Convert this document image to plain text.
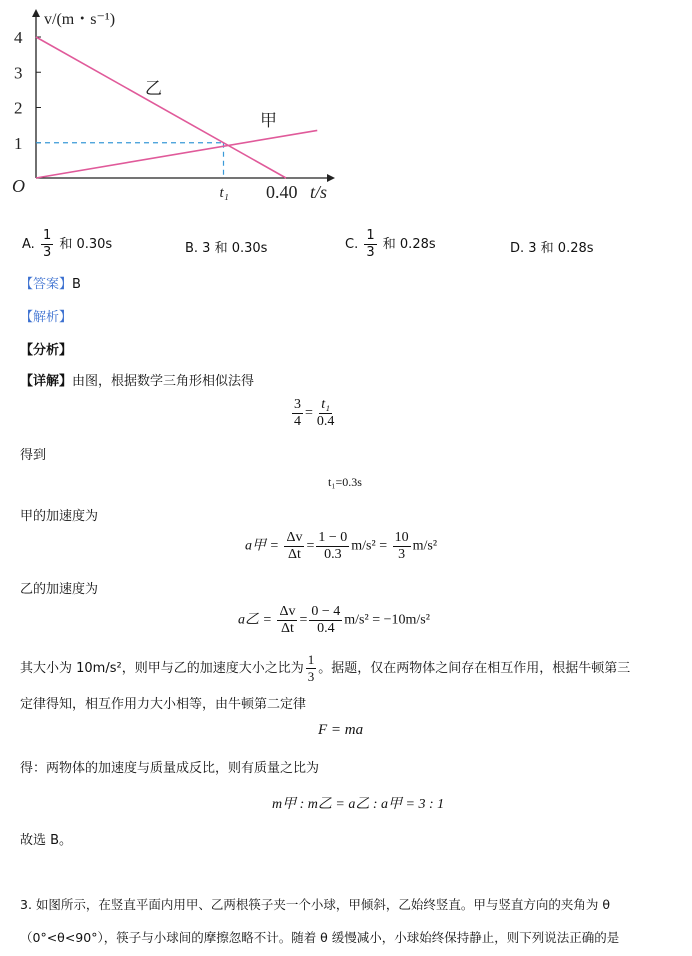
1
2
3
4
乙
甲
t₁ 0.40 t/s
O
v/(m・s⁻¹)
A. $\frac{1}{3}$ 和 0.30s	B. 3 和 0.30s	C. $\frac{1}{3}$ 和 0.28s	D. 3 和 0.28s
【答案】B
【解析】
【分析】
【详解】由图，根据数学三角形相似法得
$\frac{3}{4} = \frac{\text{t₁}}{0.4}$
得到
t₁=0.3s
甲的加速度为
a甲 = $\frac{\Delta v}{\Delta t} = \frac{1 - 0}{0.3} m/s^2 = \frac{10}{3} m/s^2$
乙的加速度为
a乙 = $\frac{\Delta v}{\Delta t} = \frac{0 - 4}{0.4} m/s^2 = -10m/s^2$
其大小为 10m/s²，则甲与乙的加速度大小之比为 $\frac{1}{3}$ 。据题，仅在两物体之间存在相互作用，根据牛顿第三
定律得知，相互作用力大小相等，由牛顿第二定律
F = ma
得：两物体的加速度与质量成反比，则有质量之比为
m甲 : m乙 = a乙 : a甲 = 3 : 1
故选 B。
3. 如图所示，在竖直平面内用甲、乙两根筷子夹一个小球，甲倾斜，乙始终竖直。甲与竖直方向的夹角为 θ
（0°<θ<90°），筷子与小球间的摩擦忽略不计。随着 θ 缓慢减小，小球始终保持静止，则下列说法正确的是
